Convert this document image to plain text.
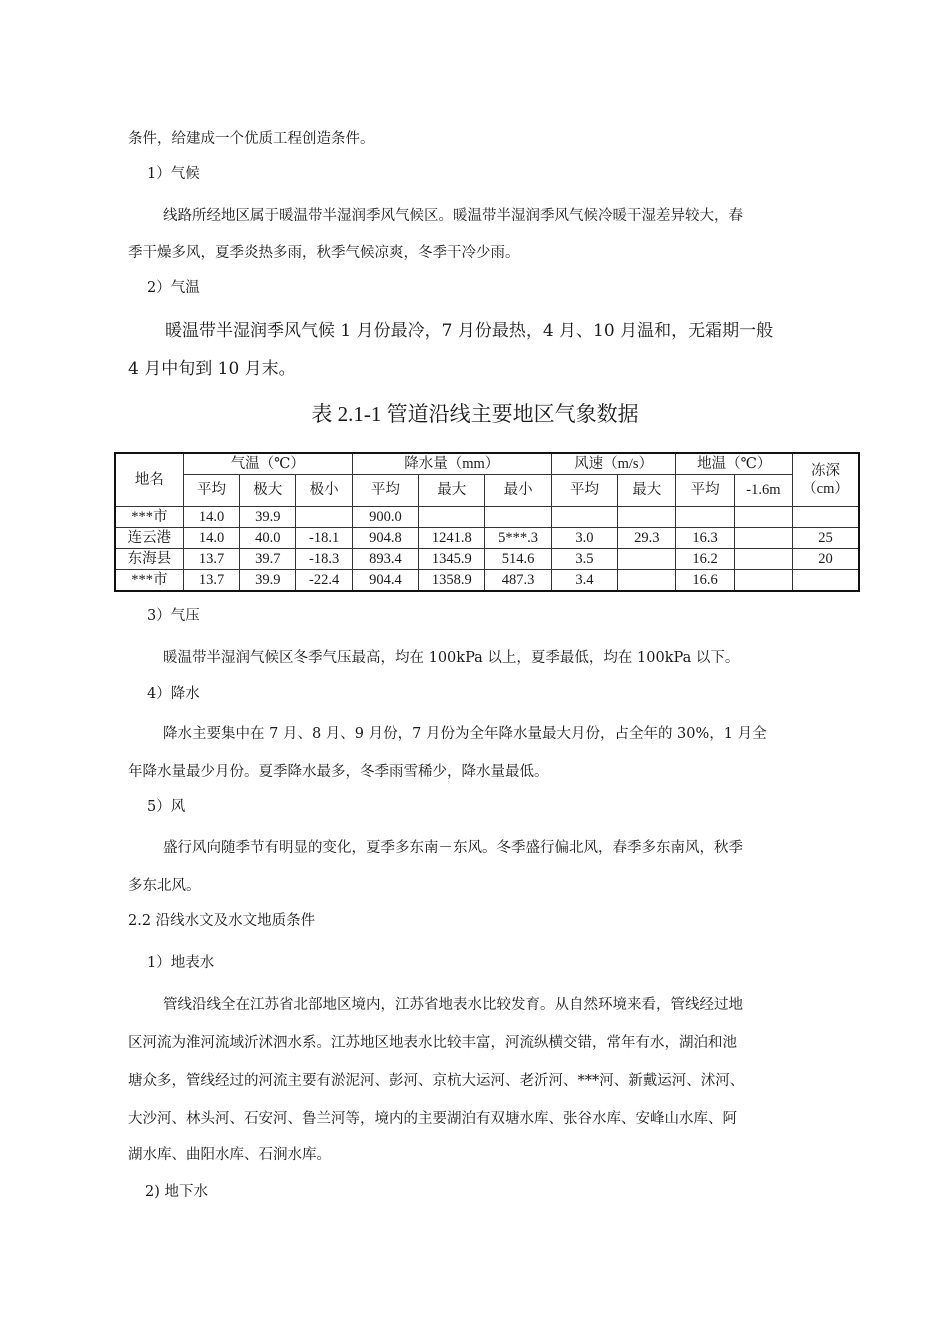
条件，给建成一个优质工程创造条件。
1）气候
线路所经地区属于暖温带半湿润季风气候区。暖温带半湿润季风气候冷暖干湿差异较大，春
季干燥多风，夏季炎热多雨，秋季气候凉爽，冬季干冷少雨。
2）气温
暖温带半湿润季风气候 1 月份最冷，7 月份最热，4 月、10 月温和，无霜期一般
4 月中旬到 10 月末。
表 2.1-1 管道沿线主要地区气象数据
地名	气温（℃）			降水量（mm）			风速（m/s）		地温（℃）		冻深（cm）
	平均	极大	极小	平均	最大	最小	平均	最大	平均	-1.6m	
***市	14.0	39.9		900.0							
连云港	14.0	40.0	-18.1	904.8	1241.8	5***.3	3.0	29.3	16.3		25
东海县	13.7	39.7	-18.3	893.4	1345.9	514.6	3.5		16.2		20
***市	13.7	39.9	-22.4	904.4	1358.9	487.3	3.4		16.6		
3）气压
暖温带半湿润气候区冬季气压最高，均在 100kPa 以上，夏季最低，均在 100kPa 以下。
4）降水
降水主要集中在 7 月、8 月、9 月份，7 月份为全年降水量最大月份，占全年的 30%，1 月全
年降水量最少月份。夏季降水最多，冬季雨雪稀少，降水量最低。
5）风
盛行风向随季节有明显的变化，夏季多东南－东风。冬季盛行偏北风，春季多东南风，秋季
多东北风。
2.2 沿线水文及水文地质条件
1）地表水
管线沿线全在江苏省北部地区境内，江苏省地表水比较发育。从自然环境来看，管线经过地
区河流为淮河流域沂沭泗水系。江苏地区地表水比较丰富，河流纵横交错，常年有水，湖泊和池
塘众多，管线经过的河流主要有淤泥河、彭河、京杭大运河、老沂河、***河、新戴运河、沭河、
大沙河、林头河、石安河、鲁兰河等，境内的主要湖泊有双塘水库、张谷水库、安峰山水库、阿
湖水库、曲阳水库、石涧水库。
2) 地下水
